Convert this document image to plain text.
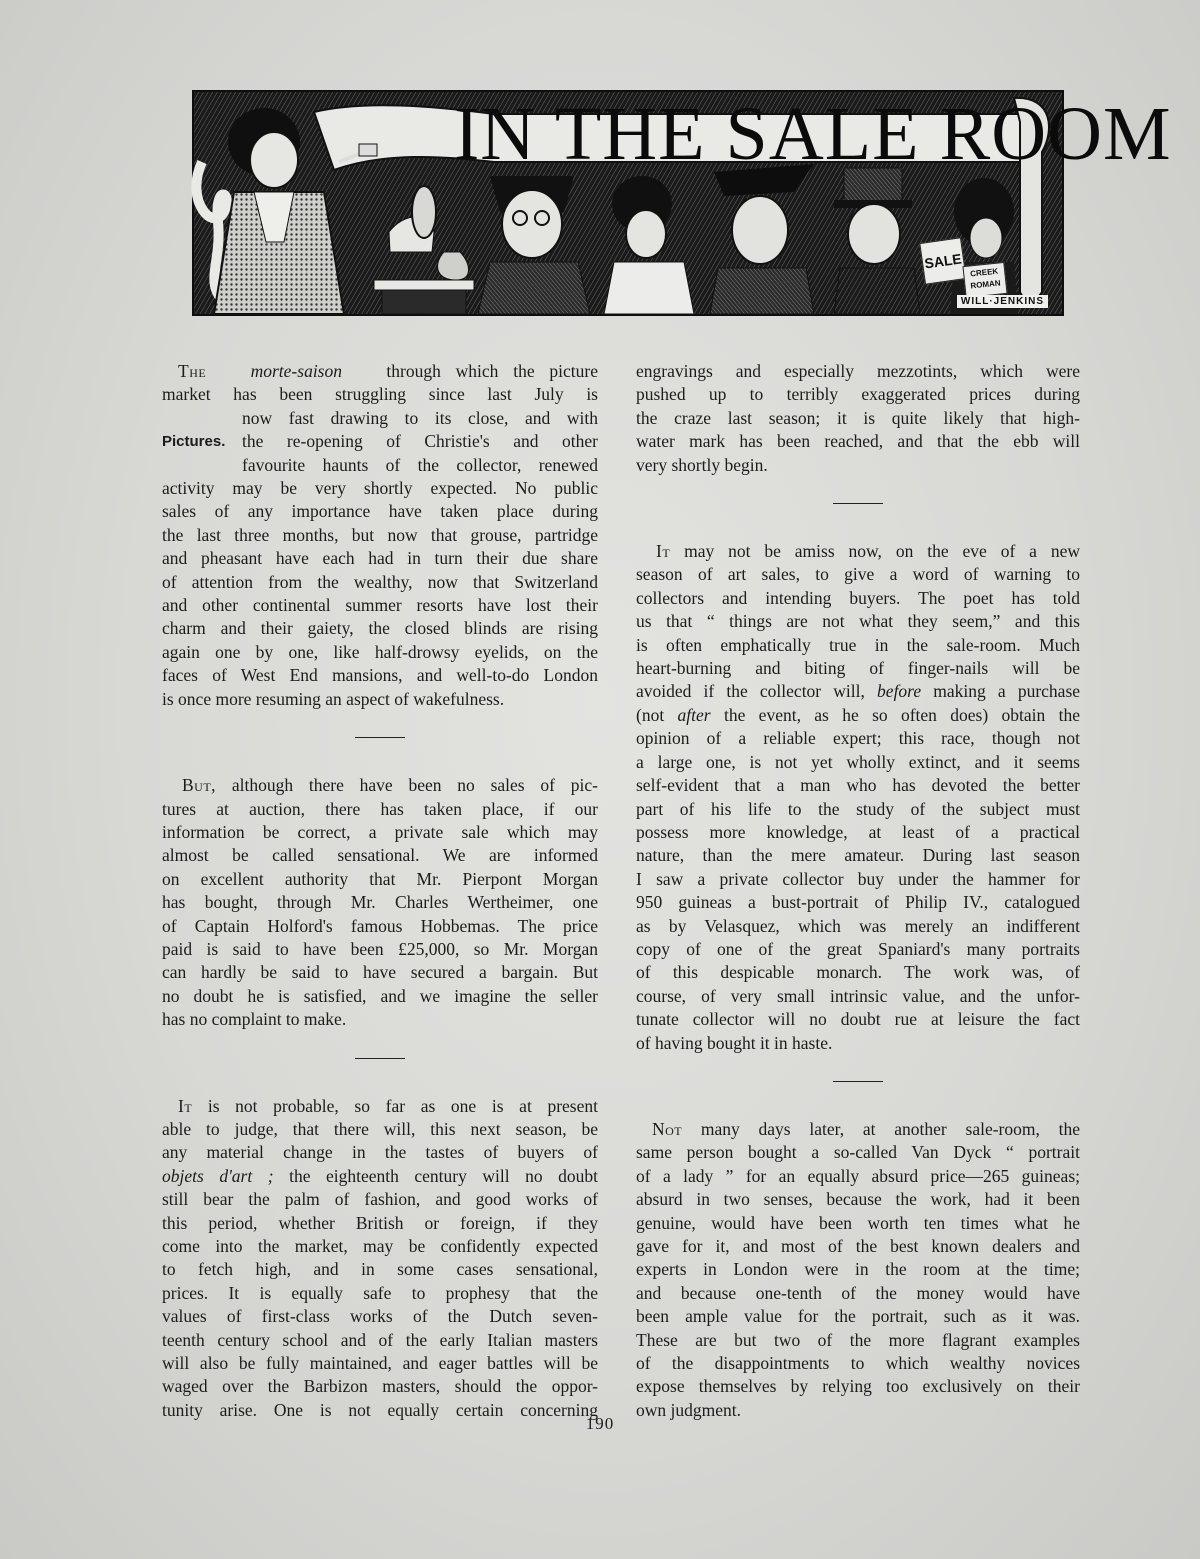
IN THE SALE ROOM
SALE
CREEK ROMAN
WILL·JENKINS
The	morte-saison	through which the picture
market has been struggling since last July is
now fast drawing to its close, and with
Pictures. the re-opening of Christie's and other
favourite haunts of the collector, renewed
activity may be very shortly expected. No public
sales of any importance have taken place during
the last three months, but now that grouse, partridge
and pheasant have each had in turn their due share
of attention from the wealthy, now that Switzerland
and other continental summer resorts have lost their
charm and their gaiety, the closed blinds are rising
again one by one, like half-drowsy eyelids, on the
faces of West End mansions, and well-to-do London
is once more resuming an aspect of wakefulness.
But, although there have been no sales of pic-
tures at auction, there has taken place, if our
information be correct, a private sale which may
almost be called sensational. We are informed
on excellent authority that Mr. Pierpont Morgan
has bought, through Mr. Charles Wertheimer, one
of Captain Holford's famous Hobbemas. The price
paid is said to have been £25,000, so Mr. Morgan
can hardly be said to have secured a bargain. But
no doubt he is satisfied, and we imagine the seller
has no complaint to make.
It is not probable, so far as one is at present
able to judge, that there will, this next season, be
any material change in the tastes of buyers of
objets d'art ; the eighteenth century will no doubt
still bear the palm of fashion, and good works of
this period, whether British or foreign, if they
come into the market, may be confidently expected
to fetch high, and in some cases sensational,
prices. It is equally safe to prophesy that the
values of first-class works of the Dutch seven-
teenth century school and of the early Italian masters
will also be fully maintained, and eager battles will be
waged over the Barbizon masters, should the oppor-
tunity arise. One is not equally certain concerning
engravings and especially mezzotints, which were
pushed up to terribly exaggerated prices during
the craze last season; it is quite likely that high-
water mark has been reached, and that the ebb will
very shortly begin.
It may not be amiss now, on the eve of a new
season of art sales, to give a word of warning to
collectors and intending buyers. The poet has told
us that “ things are not what they seem,” and this
is often emphatically true in the sale-room. Much
heart-burning and biting of finger-nails will be
avoided if the collector will, before making a purchase
(not after the event, as he so often does) obtain the
opinion of a reliable expert; this race, though not
a large one, is not yet wholly extinct, and it seems
self-evident that a man who has devoted the better
part of his life to the study of the subject must
possess more knowledge, at least of a practical
nature, than the mere amateur. During last season
I saw a private collector buy under the hammer for
950 guineas a bust-portrait of Philip IV., catalogued
as by Velasquez, which was merely an indifferent
copy of one of the great Spaniard's many portraits
of this despicable monarch. The work was, of
course, of very small intrinsic value, and the unfor-
tunate collector will no doubt rue at leisure the fact
of having bought it in haste.
Not many days later, at another sale-room, the
same person bought a so-called Van Dyck “ portrait
of a lady ” for an equally absurd price—265 guineas;
absurd in two senses, because the work, had it been
genuine, would have been worth ten times what he
gave for it, and most of the best known dealers and
experts in London were in the room at the time;
and because one-tenth of the money would have
been ample value for the portrait, such as it was.
These are but two of the more flagrant examples
of the disappointments to which wealthy novices
expose themselves by relying too exclusively on their
own judgment.
190
